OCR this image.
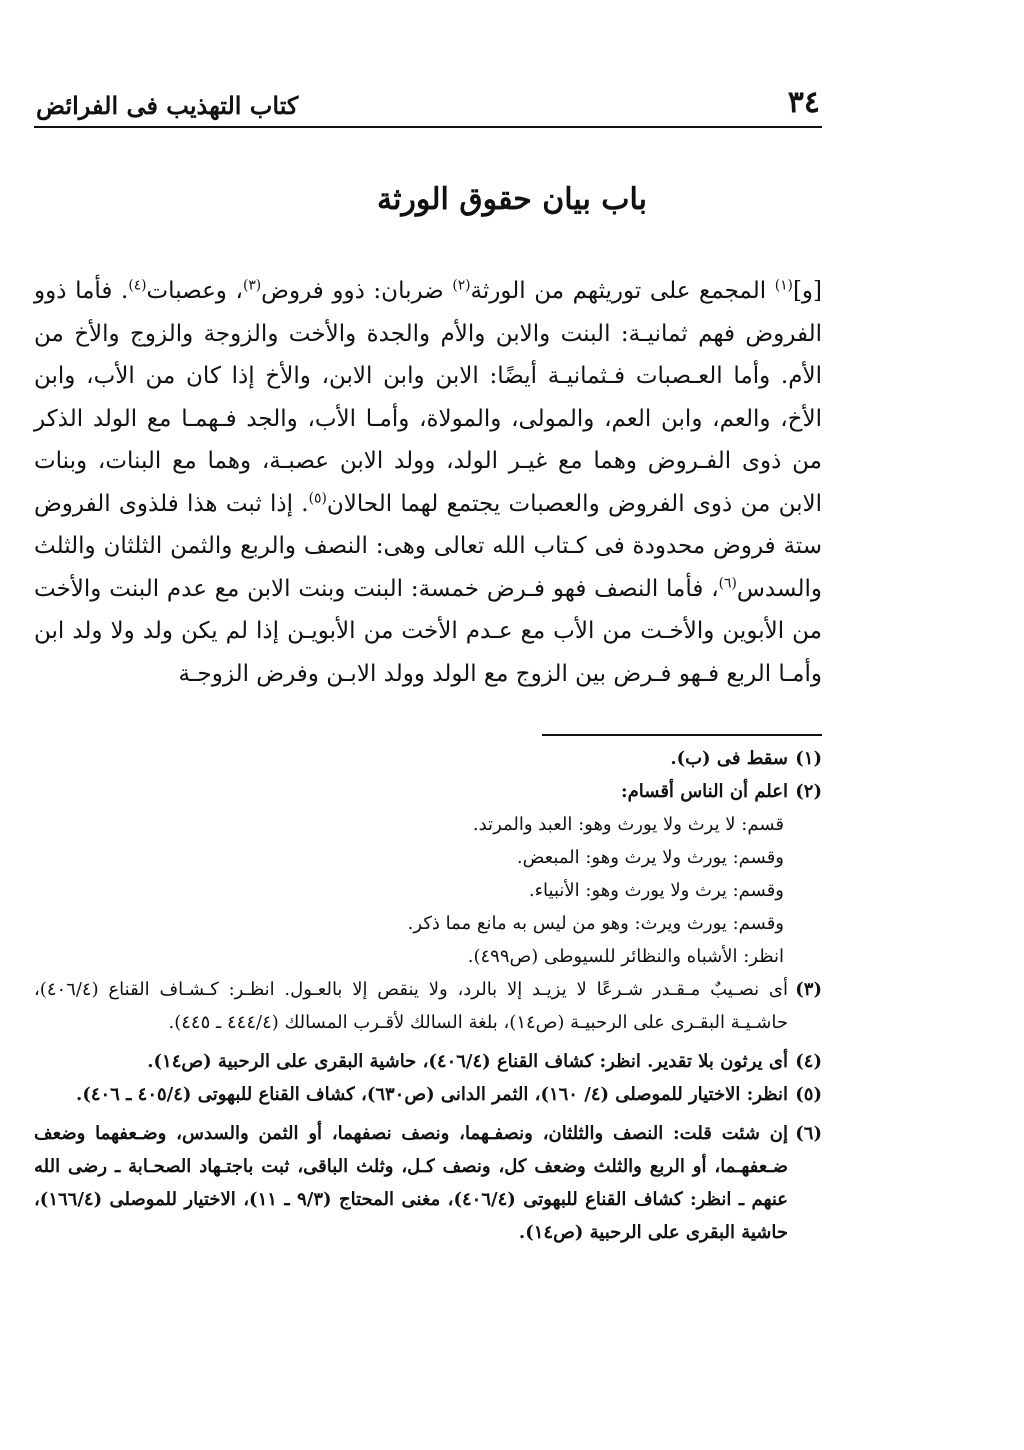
٣٤
كتاب التهذيب فى الفرائض
باب بيان حقوق الورثة

[و]$^{(١)}$ المجمع على توريثهم من الورثة$^{(٢)}$ ضربان: ذوو فروض$^{(٣)}$، وعصبات$^{(٤)}$. فأما ذوو الفروض فهم ثمانيـة: البنت والابن والأم والجدة والأخت والزوجة والزوج والأخ من الأم. وأما العـصبات فـثمانيـة أيضًا: الابن وابن الابن، والأخ إذا كان من الأب، وابن الأخ، والعم، وابن العم، والمولى، والمولاة، وأمـا الأب، والجد فـهمـا مع الولد الذكر من ذوى الفـروض وهما مع غيـر الولد، وولد الابن عصبـة، وهما مع البنات، وبنات الابن من ذوى الفروض والعصبات يجتمع لهما الحالان$^{(٥)}$. إذا ثبت هذا فلذوى الفروض ستة فروض محدودة فى كـتاب الله تعالى وهى: النصف والربع والثمن الثلثان والثلث والسدس$^{(٦)}$، فأما النصف فهو فـرض خمسة: البنت وبنت الابن مع عدم البنت والأخت من الأبوين والأخـت من الأب مع عـدم الأخت من الأبويـن إذا لم يكن ولد ولا ولد ابن وأمـا الربع فـهو فـرض بين الزوج مع الولد وولد الابـن وفرض الزوجـة

(١)
سقط فى (ب).
(٢)
اعلم أن الناس أقسام:
قسم: لا يرث ولا يورث وهو: العبد والمرتد.
وقسم: يورث ولا يرث وهو: المبعض.
وقسم: يرث ولا يورث وهو: الأنبياء.
وقسم: يورث ويرث: وهو من ليس به مانع مما ذكر.
انظر: الأشباه والنظائر للسيوطى (ص٤٩٩).
(٣)
أى نصـيبٌ مـقـدر شـرعًا لا يزيـد إلا بالرد، ولا ينقص إلا بالعـول. انظـر: كـشـاف القناع (٤٠٦/٤)، حاشـيـة البقـرى على الرحبيـة (ص١٤)، بلغة السالك لأقـرب المسالك (٤٤٤/٤ ـ ٤٤٥).
(٤)
أى يرثون بلا تقدير. انظر: كشاف القناع (٤٠٦/٤)، حاشية البقرى على الرحبية (ص١٤).
(٥)
انظر: الاختيار للموصلى (٤/ ١٦٠)، الثمر الدانى (ص٦٣٠)، كشاف القناع للبهوتى (٤٠٥/٤ ـ ٤٠٦).
(٦)
إن شئت قلت: النصف والثلثان، ونصفـهما، ونصف نصفهما، أو الثمن والسدس، وضـعفهما وضعف ضـعفهـما، أو الربع والثلث وضعف كل، ونصف كـل، وثلث الباقى، ثبت باجتـهاد الصحـابة ـ رضى الله عنهم ـ انظر: كشاف القناع للبهوتى (٤٠٦/٤)، مغنى المحتاج (٩/٣ ـ ١١)، الاختيار للموصلى (١٦٦/٤)، حاشية البقرى على الرحبية (ص١٤).
